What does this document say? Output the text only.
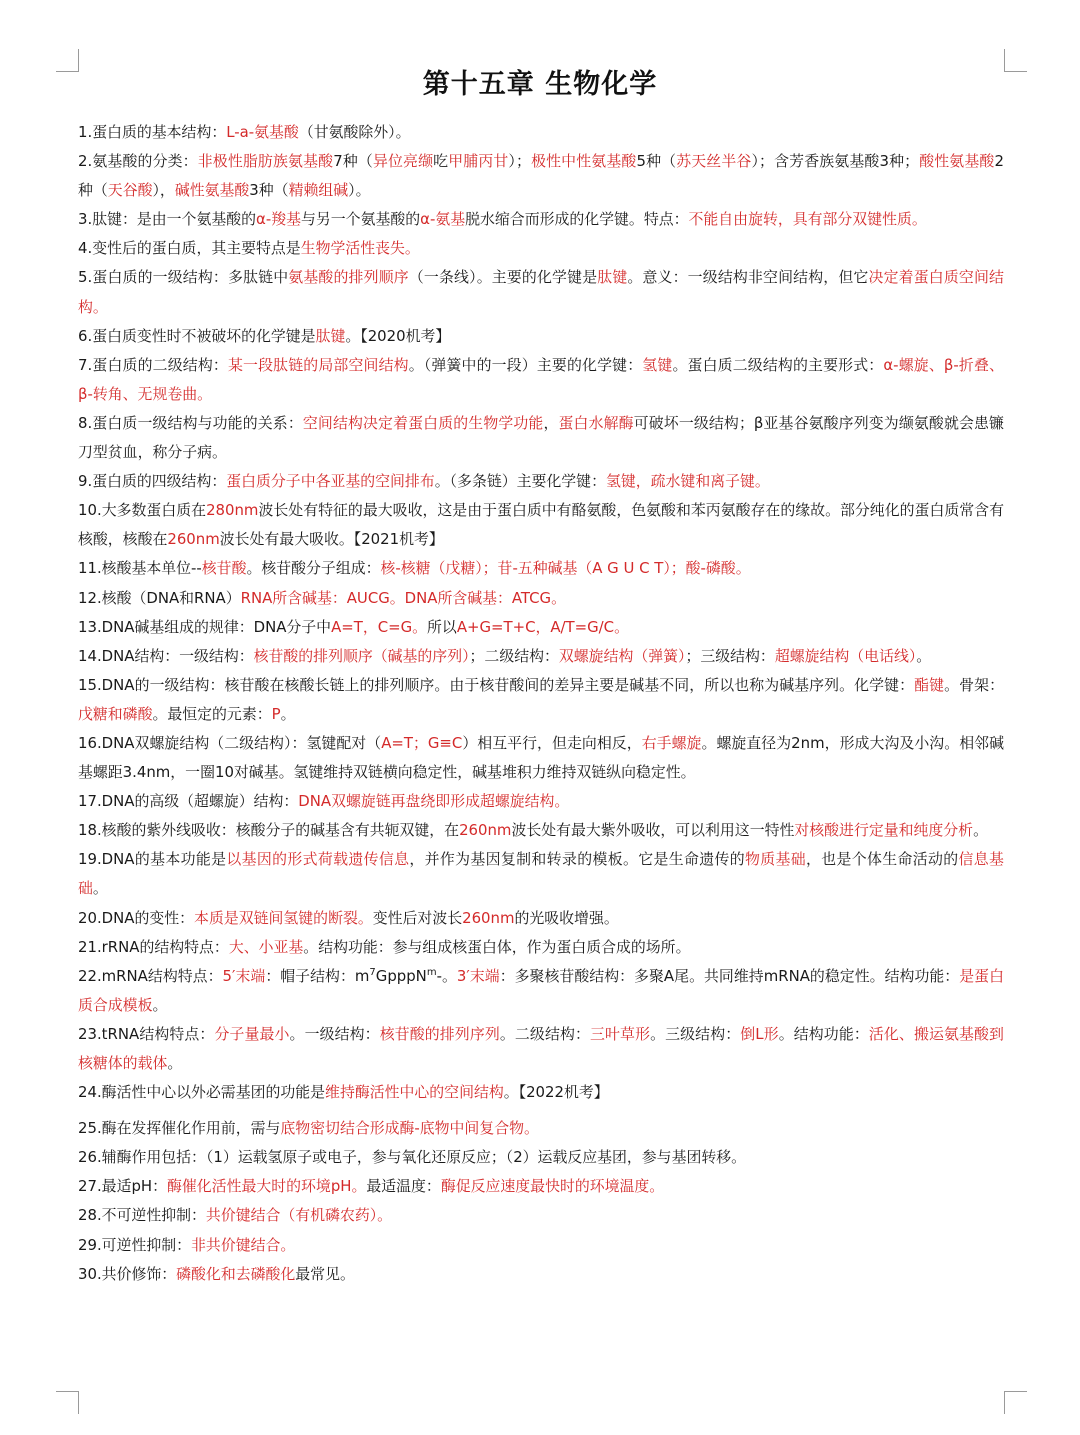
第十五章 生物化学

1.蛋白质的基本结构：L-a-氨基酸（甘氨酸除外）。

2.氨基酸的分类：非极性脂肪族氨基酸7种（异位亮缬吃甲脯丙甘）；极性中性氨基酸5种（苏天丝半谷）；含芳香族氨基酸3种；酸性氨基酸2种（天谷酸），碱性氨基酸3种（精赖组碱）。

3.肽键：是由一个氨基酸的α-羧基与另一个氨基酸的α-氨基脱水缩合而形成的化学键。特点：不能自由旋转，具有部分双键性质。

4.变性后的蛋白质，其主要特点是生物学活性丧失。

5.蛋白质的一级结构：多肽链中氨基酸的排列顺序（一条线）。主要的化学键是肽键。意义：一级结构非空间结构，但它决定着蛋白质空间结构。

6.蛋白质变性时不被破坏的化学键是肽键。【2020机考】

7.蛋白质的二级结构：某一段肽链的局部空间结构。（弹簧中的一段）主要的化学键：氢键。蛋白质二级结构的主要形式：α-螺旋、β-折叠、β-转角、无规卷曲。

8.蛋白质一级结构与功能的关系：空间结构决定着蛋白质的生物学功能，蛋白水解酶可破坏一级结构；β亚基谷氨酸序列变为缬氨酸就会患镰刀型贫血，称分子病。

9.蛋白质的四级结构：蛋白质分子中各亚基的空间排布。（多条链）主要化学键：氢键，疏水键和离子键。

10.大多数蛋白质在280nm波长处有特征的最大吸收，这是由于蛋白质中有酪氨酸，色氨酸和苯丙氨酸存在的缘故。部分纯化的蛋白质常含有核酸，核酸在260nm波长处有最大吸收。【2021机考】

11.核酸基本单位--核苷酸。核苷酸分子组成：核-核糖（戊糖）；苷-五种碱基（A G U C T）；酸-磷酸。

12.核酸（DNA和RNA）RNA所含碱基：AUCG。DNA所含碱基：ATCG。

13.DNA碱基组成的规律：DNA分子中A=T，C=G。所以A+G=T+C，A/T=G/C。

14.DNA结构：一级结构：核苷酸的排列顺序（碱基的序列）；二级结构：双螺旋结构（弹簧）；三级结构：超螺旋结构（电话线）。

15.DNA的一级结构：核苷酸在核酸长链上的排列顺序。由于核苷酸间的差异主要是碱基不同，所以也称为碱基序列。化学键：酯键。骨架：戊糖和磷酸。最恒定的元素：P。

16.DNA双螺旋结构（二级结构）：氢键配对（A=T；G≡C）相互平行，但走向相反，右手螺旋。螺旋直径为2nm，形成大沟及小沟。相邻碱基螺距3.4nm，一圈10对碱基。氢键维持双链横向稳定性，碱基堆积力维持双链纵向稳定性。

17.DNA的高级（超螺旋）结构：DNA双螺旋链再盘绕即形成超螺旋结构。

18.核酸的紫外线吸收：核酸分子的碱基含有共轭双键，在260nm波长处有最大紫外吸收，可以利用这一特性对核酸进行定量和纯度分析。

19.DNA的基本功能是以基因的形式荷载遗传信息，并作为基因复制和转录的模板。它是生命遗传的物质基础，也是个体生命活动的信息基础。

20.DNA的变性：本质是双链间氢键的断裂。变性后对波长260nm的光吸收增强。

21.rRNA的结构特点：大、小亚基。结构功能：参与组成核蛋白体，作为蛋白质合成的场所。

22.mRNA结构特点：5′末端：帽子结构：$m^7GpppN^m-$。3′末端：多聚核苷酸结构：多聚A尾。共同维持mRNA的稳定性。结构功能：是蛋白质合成模板。

23.tRNA结构特点：分子量最小。一级结构：核苷酸的排列序列。二级结构：三叶草形。三级结构：倒L形。结构功能：活化、搬运氨基酸到核糖体的载体。

24.酶活性中心以外必需基团的功能是维持酶活性中心的空间结构。【2022机考】

25.酶在发挥催化作用前，需与底物密切结合形成酶-底物中间复合物。

26.辅酶作用包括：（1）运载氢原子或电子，参与氧化还原反应；（2）运载反应基团，参与基团转移。

27.最适pH：酶催化活性最大时的环境pH。最适温度：酶促反应速度最快时的环境温度。

28.不可逆性抑制：共价键结合（有机磷农药）。

29.可逆性抑制：非共价键结合。

30.共价修饰：磷酸化和去磷酸化最常见。
